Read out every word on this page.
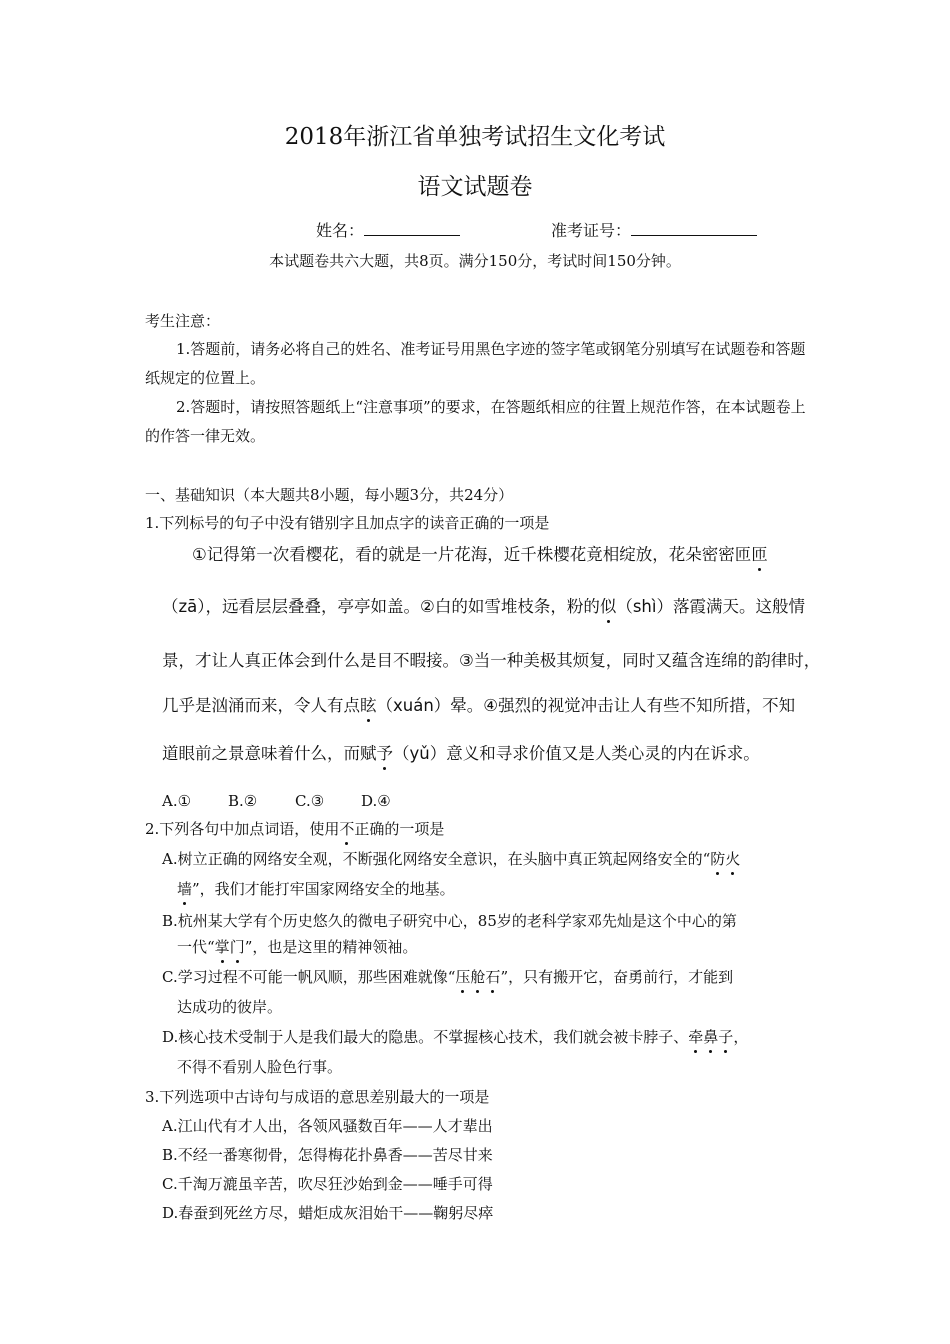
2018年浙江省单独考试招生文化考试
语文试题卷
姓名：	准考证号：
本试题卷共六大题，共8页。满分150分，考试时间150分钟。
考生注意：
1.答题前，请务必将自己的姓名、准考证号用黑色字迹的签字笔或钢笔分别填写在试题卷和答题纸规定的位置上。
2.答题时，请按照答题纸上“注意事项”的要求，在答题纸相应的往置上规范作答，在本试题卷上的作答一律无效。
一、基础知识（本大题共8小题，每小题3分，共24分）
1.下列标号的句子中没有错别字且加点字的读音正确的一项是
①记得第一次看樱花，看的就是一片花海，近千株樱花竟相绽放，花朵密密匝匝
（zā），远看层层叠叠，亭亭如盖。②白的如雪堆枝条，粉的似（shì）落霞满天。这般情
景，才让人真正体会到什么是目不暇接。③当一种美极其烦复，同时又蕴含连绵的韵律时，
几乎是汹涌而来，令人有点眩（xuán）晕。④强烈的视觉冲击让人有些不知所措，不知
道眼前之景意味着什么，而赋予（yǔ）意义和寻求价值又是人类心灵的内在诉求。
A.① B.②	C.③ D.④
2.下列各句中加点词语，使用不正确的一项是
A.树立正确的网络安全观，不断强化网络安全意识，在头脑中真正筑起网络安全的“防火
墙”，我们才能打牢国家网络安全的地基。
B.杭州某大学有个历史悠久的微电子研究中心，85岁的老科学家邓先灿是这个中心的第
一代“掌门”，也是这里的精神领袖。
C.学习过程不可能一帆风顺，那些困难就像“压舱石”，只有搬开它，奋勇前行，才能到
达成功的彼岸。
D.核心技术受制于人是我们最大的隐患。不掌握核心技术，我们就会被卡脖子、牵鼻子，
不得不看别人脸色行事。
3.下列选项中古诗句与成语的意思差别最大的一项是
A.江山代有才人出，各领风骚数百年——人才辈出
B.不经一番寒彻骨，怎得梅花扑鼻香——苦尽甘来
C.千淘万漉虽辛苦，吹尽狂沙始到金——唾手可得
D.春蚕到死丝方尽，蜡炬成灰泪始干——鞠躬尽瘁
